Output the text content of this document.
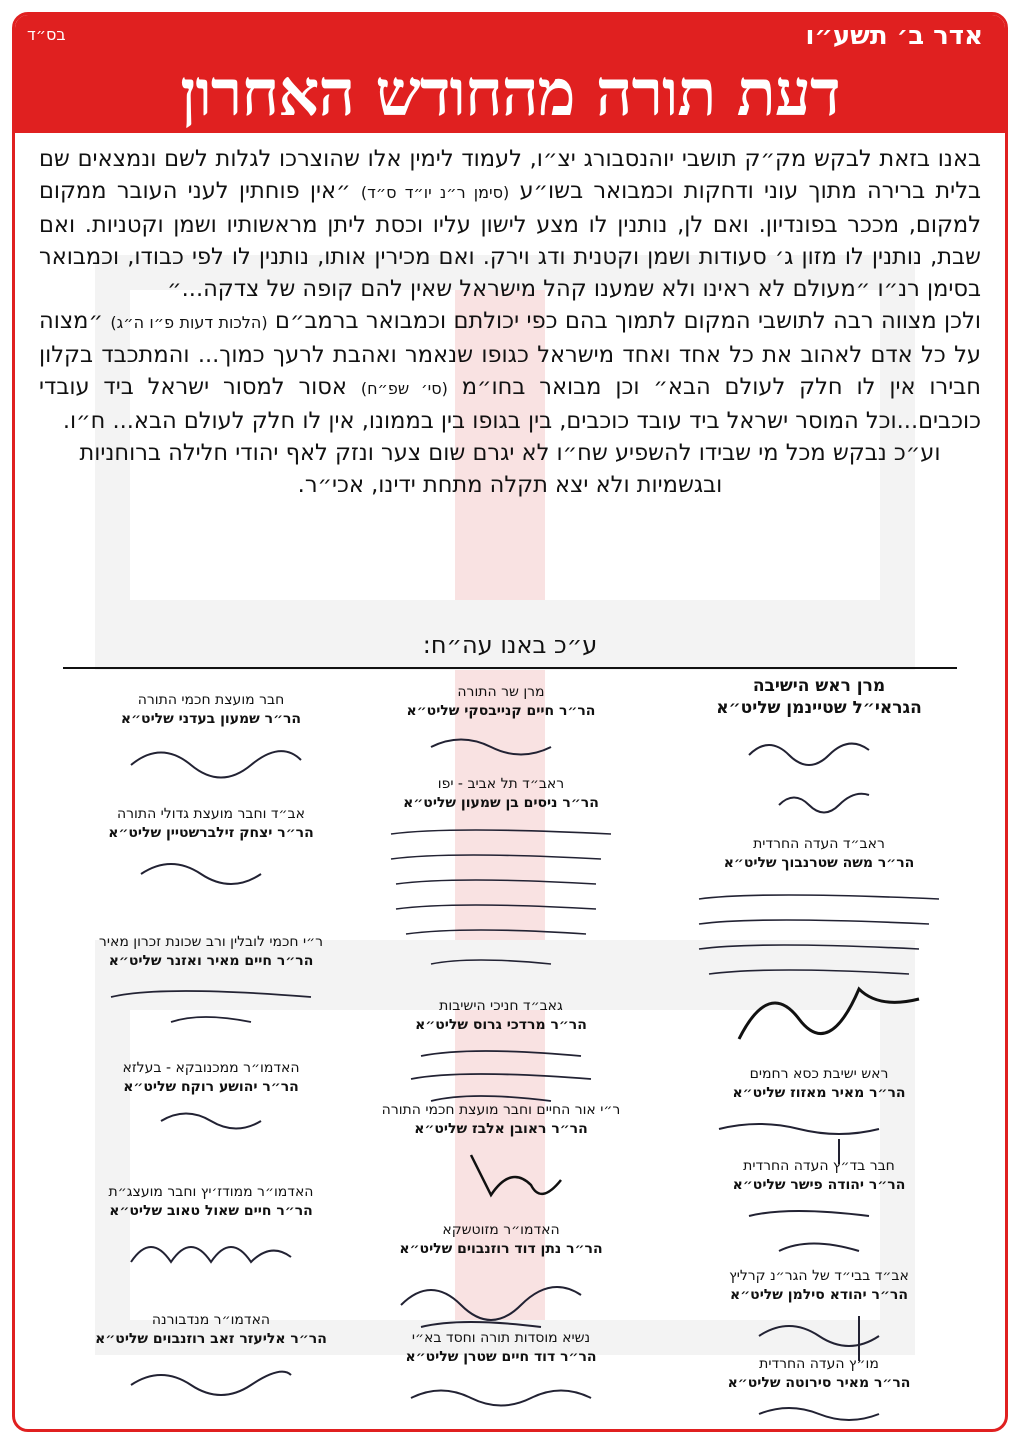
בס״ד	אדר ב׳ תשע״ו
דעת תורה מהחודש האחרון

באנו בזאת לבקש מק״ק תושבי יוהנסבורג יצ״ו, לעמוד לימין אלו שהוצרכו לגלות לשם ונמצאים שם בלית ברירה מתוך עוני ודחקות וכמבואר בשו״ע (סימן ר״נ יו״ד ס״ד) ״אין פוחתין לעני העובר ממקום למקום, מככר בפונדיון. ואם לן, נותנין לו מצע לישון עליו וכסת ליתן מראשותיו ושמן וקטניות. ואם שבת, נותנין לו מזון ג׳ סעודות ושמן וקטנית ודג וירק. ואם מכירין אותו, נותנין לו לפי כבודו, וכמבואר בסימן רנ״ו ״מעולם לא ראינו ולא שמענו קהל מישראל שאין להם קופה של צדקה...״

ולכן מצווה רבה לתושבי המקום לתמוך בהם כפי יכולתם וכמבואר ברמב״ם (הלכות דעות פ״ו ה״ג) ״מצוה על כל אדם לאהוב את כל אחד ואחד מישראל כגופו שנאמר ואהבת לרעך כמוך... והמתכבד בקלון חבירו אין לו חלק לעולם הבא״ וכן מבואר בחו״מ (סי׳ שפ״ח) אסור למסור ישראל ביד עובדי כוכבים...וכל המוסר ישראל ביד עובד כוכבים, בין בגופו בין בממונו, אין לו חלק לעולם הבא... ח״ו.

וע״כ נבקש מכל מי שבידו להשפיע שח״ו לא יגרם שום צער ונזק לאף יהודי חלילה ברוחניות ובגשמיות ולא יצא תקלה מתחת ידינו, אכי״ר.

ע״כ באנו עה״ח:
מרן ראש הישיבה
הגראי״ל שטיינמן שליט״א
ראב״ד העדה החרדית
הר״ר משה שטרנבוך שליט״א
ראש ישיבת כסא רחמים
הר״ר מאיר מאזוז שליט״א
חבר בד״ץ העדה החרדית
הר״ר יהודה פישר שליט״א
אב״ד בבי״ד של הגר״נ קרליץ
הר״ר יהודא סילמן שליט״א
מו״ץ העדה החרדית
הר״ר מאיר סירוטה שליט״א
מרן שר התורה
הר״ר חיים קנייבסקי שליט״א
ראב״ד תל אביב - יפו
הר״ר ניסים בן שמעון שליט״א
גאב״ד חניכי הישיבות
הר״ר מרדכי גרוס שליט״א
ר״י אור החיים וחבר מועצת חכמי התורה
הר״ר ראובן אלבז שליט״א
האדמו״ר מזוטשקא
הר״ר נתן דוד רוזנבוים שליט״א
נשיא מוסדות תורה וחסד בא״י
הר״ר דוד חיים שטרן שליט״א
חבר מועצת חכמי התורה
הר״ר שמעון בעדני שליט״א
אב״ד וחבר מועצת גדולי התורה
הר״ר יצחק זילברשטיין שליט״א
ר״י חכמי לובלין ורב שכונת זכרון מאיר
הר״ר חיים מאיר ואזנר שליט״א
האדמו״ר ממכנובקא - בעלזא
הר״ר יהושע רוקח שליט״א
האדמו״ר ממודז׳יץ וחבר מועצג״ת
הר״ר חיים שאול טאוב שליט״א
האדמו״ר מנדבורנה
הר״ר אליעזר זאב רוזנבוים שליט״א
